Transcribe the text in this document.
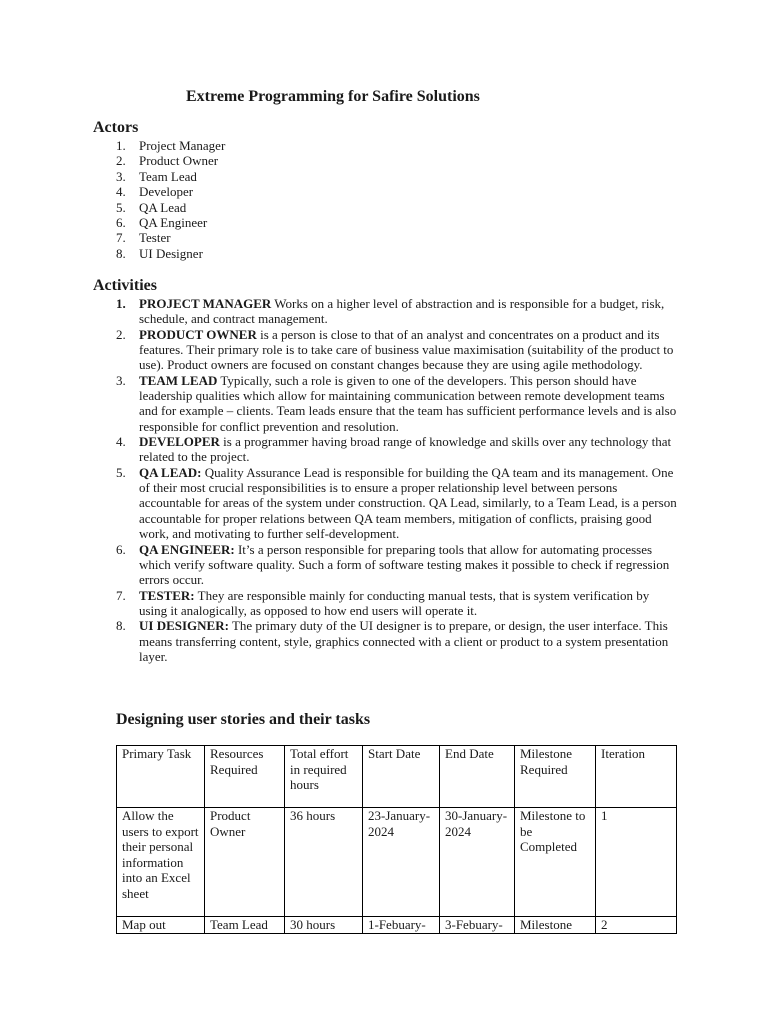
Extreme Programming for Safire Solutions
Actors
1. Project Manager
2. Product Owner
3. Team Lead
4. Developer
5. QA Lead
6. QA Engineer
7. Tester
8. UI Designer
Activities
1. PROJECT MANAGER Works on a higher level of abstraction and is responsible for a budget, risk, schedule, and contract management.
2. PRODUCT OWNER is a person is close to that of an analyst and concentrates on a product and its features. Their primary role is to take care of business value maximisation (suitability of the product to use). Product owners are focused on constant changes because they are using agile methodology.
3. TEAM LEAD Typically, such a role is given to one of the developers. This person should have leadership qualities which allow for maintaining communication between remote development teams and for example – clients. Team leads ensure that the team has sufficient performance levels and is also responsible for conflict prevention and resolution.
4. DEVELOPER is a programmer having broad range of knowledge and skills over any technology that related to the project.
5. QA LEAD: Quality Assurance Lead is responsible for building the QA team and its management. One of their most crucial responsibilities is to ensure a proper relationship level between persons accountable for areas of the system under construction. QA Lead, similarly, to a Team Lead, is a person accountable for proper relations between QA team members, mitigation of conflicts, praising good work, and motivating to further self-development.
6. QA ENGINEER: It’s a person responsible for preparing tools that allow for automating processes which verify software quality. Such a form of software testing makes it possible to check if regression errors occur.
7. TESTER: They are responsible mainly for conducting manual tests, that is system verification by using it analogically, as opposed to how end users will operate it.
8. UI DESIGNER: The primary duty of the UI designer is to prepare, or design, the user interface. This means transferring content, style, graphics connected with a client or product to a system presentation layer.
Designing user stories and their tasks
Primary Task	Resources Required	Total effort in required hours	Start Date	End Date	Milestone Required	Iteration
Allow the users to export their personal information into an Excel sheet	Product Owner	36 hours	23-January-2024	30-January-2024	Milestone to be Completed	1
Map out	Team Lead	30 hours	1-Febuary-	3-Febuary-	Milestone	2
